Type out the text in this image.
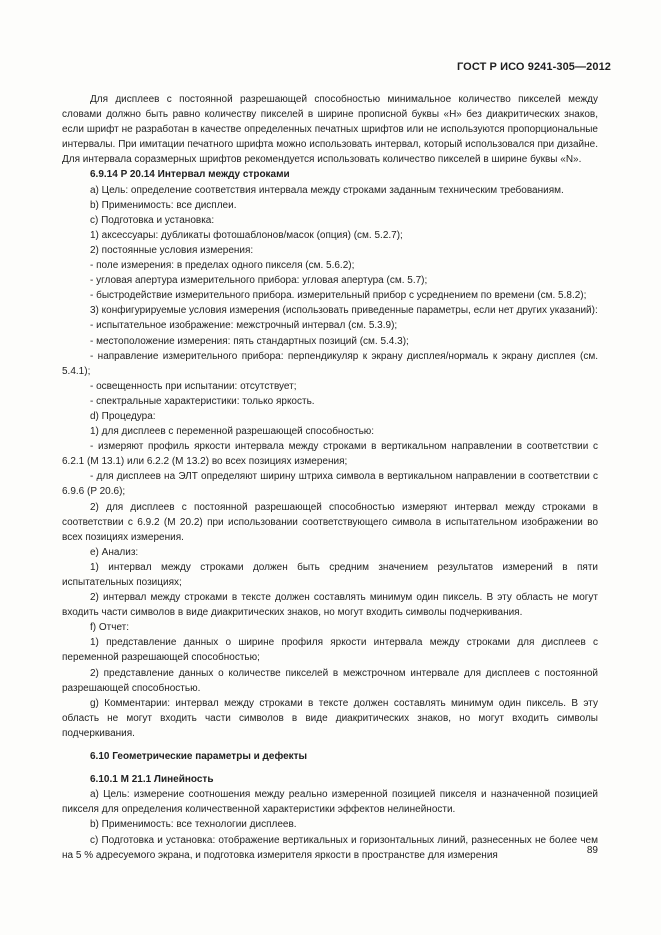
ГОСТ Р ИСО 9241-305—2012

Для дисплеев с постоянной разрешающей способностью минимальное количество пикселей между словами должно быть равно количеству пикселей в ширине прописной буквы «H» без диакритических знаков, если шрифт не разработан в качестве определенных печатных шрифтов или не используются пропорциональные интервалы. При имитации печатного шрифта можно использовать интервал, который использовался при дизайне. Для интервала соразмерных шрифтов рекомендуется использовать количество пикселей в ширине буквы «N».

6.9.14 P 20.14 Интервал между строками

a) Цель: определение соответствия интервала между строками заданным техническим требованиям.

b) Применимость: все дисплеи.

c) Подготовка и установка:

1) аксессуары: дубликаты фотошаблонов/масок (опция) (см. 5.2.7);

2) постоянные условия измерения:

- поле измерения: в пределах одного пикселя (см. 5.6.2);

- угловая апертура измерительного прибора: угловая апертура (см. 5.7);

- быстродействие измерительного прибора. измерительный прибор с усреднением по времени (см. 5.8.2);

3) конфигурируемые условия измерения (использовать приведенные параметры, если нет других указаний):

- испытательное изображение: межстрочный интервал (см. 5.3.9);

- местоположение измерения: пять стандартных позиций (см. 5.4.3);

- направление измерительного прибора: перпендикуляр к экрану дисплея/нормаль к экрану дисплея (см. 5.4.1);

- освещенность при испытании: отсутствует;

- спектральные характеристики: только яркость.

d) Процедура:

1) для дисплеев с переменной разрешающей способностью:

- измеряют профиль яркости интервала между строками в вертикальном направлении в соответствии с 6.2.1 (M 13.1) или 6.2.2 (M 13.2) во всех позициях измерения;

- для дисплеев на ЭЛТ определяют ширину штриха символа в вертикальном направлении в соответствии с 6.9.6 (P 20.6);

2) для дисплеев с постоянной разрешающей способностью измеряют интервал между строками в соответствии с 6.9.2 (M 20.2) при использовании соответствующего символа в испытательном изображении во всех позициях измерения.

e) Анализ:

1) интервал между строками должен быть средним значением результатов измерений в пяти испытательных позициях;

2) интервал между строками в тексте должен составлять минимум один пиксель. В эту область не могут входить части символов в виде диакритических знаков, но могут входить символы подчеркивания.

f) Отчет:

1) представление данных о ширине профиля яркости интервала между строками для дисплеев с переменной разрешающей способностью;

2) представление данных о количестве пикселей в межстрочном интервале для дисплеев с постоянной разрешающей способностью.

g) Комментарии: интервал между строками в тексте должен составлять минимум один пиксель. В эту область не могут входить части символов в виде диакритических знаков, но могут входить символы подчеркивания.

6.10 Геометрические параметры и дефекты

6.10.1 M 21.1 Линейность

a) Цель: измерение соотношения между реально измеренной позицией пикселя и назначенной позицией пикселя для определения количественной характеристики эффектов нелинейности.

b) Применимость: все технологии дисплеев.

c) Подготовка и установка: отображение вертикальных и горизонтальных линий, разнесенных не более чем на 5 % адресуемого экрана, и подготовка измерителя яркости в пространстве для измерения	89
